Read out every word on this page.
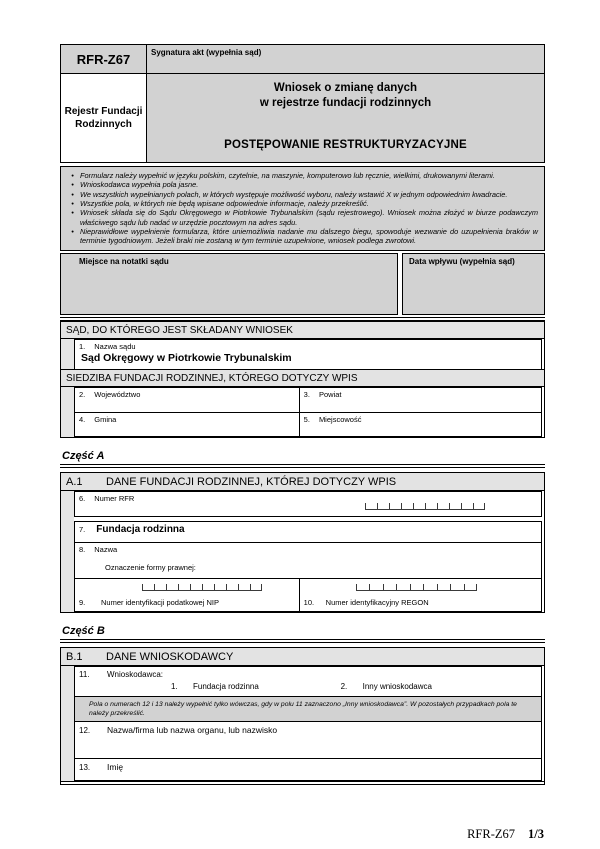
RFR-Z67	Sygnatura akt (wypełnia sąd)
Rejestr Fundacji Rodzinnych
Wniosek o zmianę danych
w rejestrze fundacji rodzinnych
POSTĘPOWANIE RESTRUKTURYZACYJNE
• Formularz należy wypełnić w języku polskim, czytelnie, na maszynie, komputerowo lub ręcznie, wielkimi, drukowanymi literami.
• Wnioskodawca wypełnia pola jasne.
• We wszystkich wypełnianych polach, w których występuje możliwość wyboru, należy wstawić X w jednym odpowiednim kwadracie.
• Wszystkie pola, w których nie będą wpisane odpowiednie informacje, należy przekreślić.
• Wniosek składa się do Sądu Okręgowego w Piotrkowie Trybunalskim (sądu rejestrowego). Wniosek można złożyć w biurze podawczym właściwego sądu lub nadać w urzędzie pocztowym na adres sądu.
• Nieprawidłowe wypełnienie formularza, które uniemożliwia nadanie mu dalszego biegu, spowoduje wezwanie do uzupełnienia braków w terminie tygodniowym. Jeżeli braki nie zostaną w tym terminie uzupełnione, wniosek podlega zwrotowi.
Miejsce na notatki sądu	Data wpływu (wypełnia sąd)
SĄD, DO KTÓREGO JEST SKŁADANY WNIOSEK
1. Nazwa sądu
Sąd Okręgowy w Piotrkowie Trybunalskim
SIEDZIBA FUNDACJI RODZINNEJ, KTÓREGO DOTYCZY WPIS
2. Województwo	3. Powiat
4. Gmina	5. Miejscowość
Część A
A.1	DANE FUNDACJI RODZINNEJ, KTÓREJ DOTYCZY WPIS
6. Numer RFR
7. Fundacja rodzinna
8. Nazwa
Oznaczenie formy prawnej:
9.	Numer identyfikacji podatkowej NIP	10.	Numer identyfikacyjny REGON
Część B
B.1	DANE WNIOSKODAWCY
11.	Wnioskodawca:
1.	Fundacja rodzinna	2.	Inny wnioskodawca
Pola o numerach 12 i 13 należy wypełnić tylko wówczas, gdy w polu 11 zaznaczono „Inny wnioskodawca”. W pozostałych przypadkach pola te należy przekreślić.
12.	Nazwa/firma lub nazwa organu, lub nazwisko
13.	Imię
RFR-Z67 1/3
